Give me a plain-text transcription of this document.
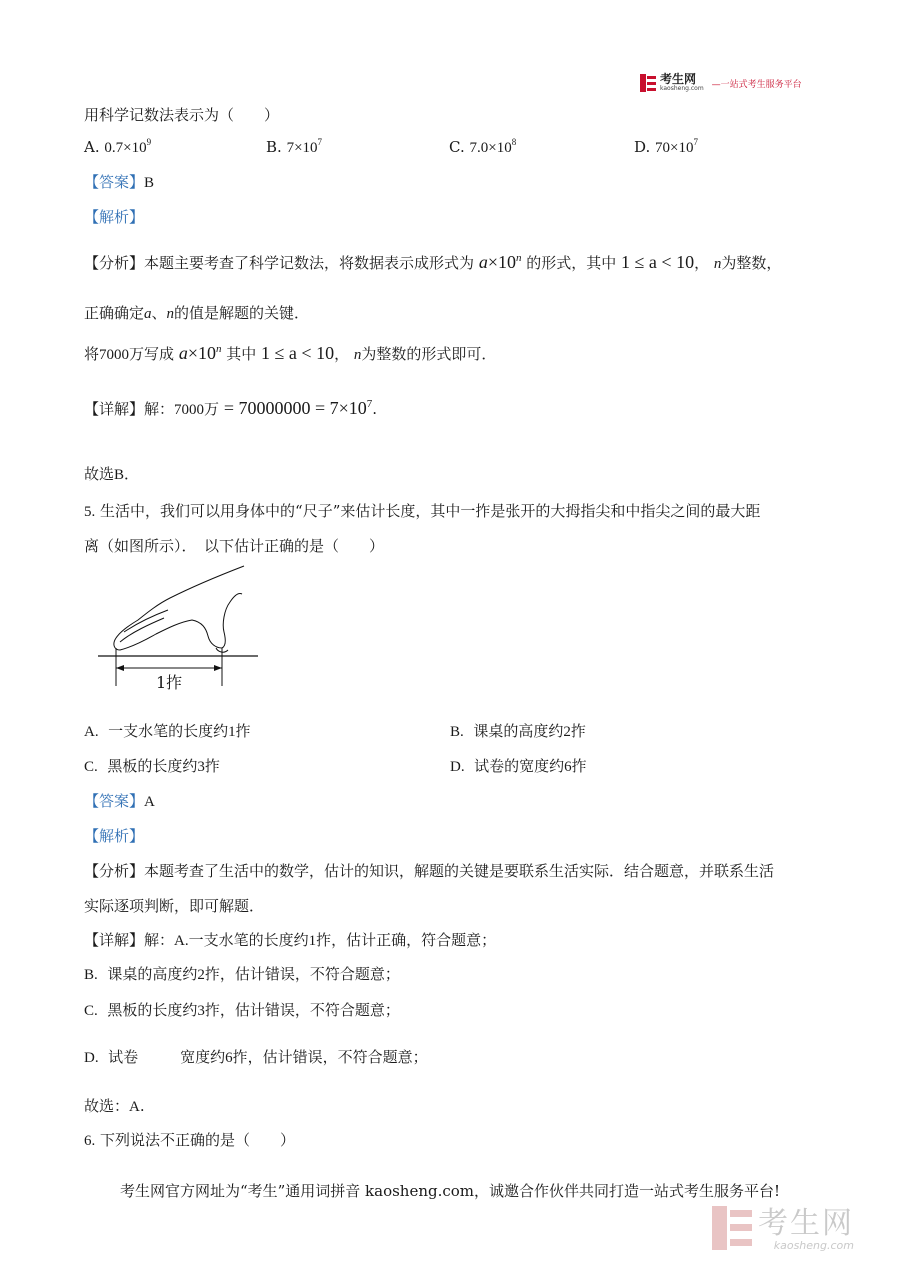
考生网
kaosheng.com —一站式考生服务平台
用科学记数法表示为（　　）
A. $0.7\times 10^9$	B. $7\times 10^7$	C. $7.0\times 10^8$	D. $70\times 10^7$
【答案】B
【解析】
【分析】本题主要考查了科学记数法，将数据表示成形式为 $a\times 10^n$ 的形式，其中 1 ≤ a < 10， n为整数，
正确确定a、n的值是解题的关键．
将7000万写成 $a\times 10^n$ 其中 1 ≤ a < 10， n为整数的形式即可．
【详解】解：7000万 = $70000000 = 7\times 10^7$.
故选B．
5. 生活中，我们可以用身体中的“尺子”来估计长度，其中一拃是张开的大拇指尖和中指尖之间的最大距
离（如图所示）．　以下估计正确的是（　　）
1拃
A. 一支水笔的长度约1拃	B. 课桌的高度约2拃
C. 黑板的长度约3拃	D. 试卷的宽度约6拃
【答案】A
【解析】
【分析】本题考查了生活中的数学，估计的知识，解题的关键是要联系生活实际．结合题意，并联系生活
实际逐项判断，即可解题．
【详解】解：A.一支水笔的长度约1拃，估计正确，符合题意；
B. 课桌的高度约2拃，估计错误，不符合题意；
C. 黑板的长度约3拃，估计错误，不符合题意；
D. 试卷	宽度约6拃，估计错误，不符合题意；
故选：A.
6. 下列说法不正确的是（　　）
考生网官方网址为“考生”通用词拼音 kaosheng.com，诚邀合作伙伴共同打造一站式考生服务平台!
考生网
kaosheng.com
